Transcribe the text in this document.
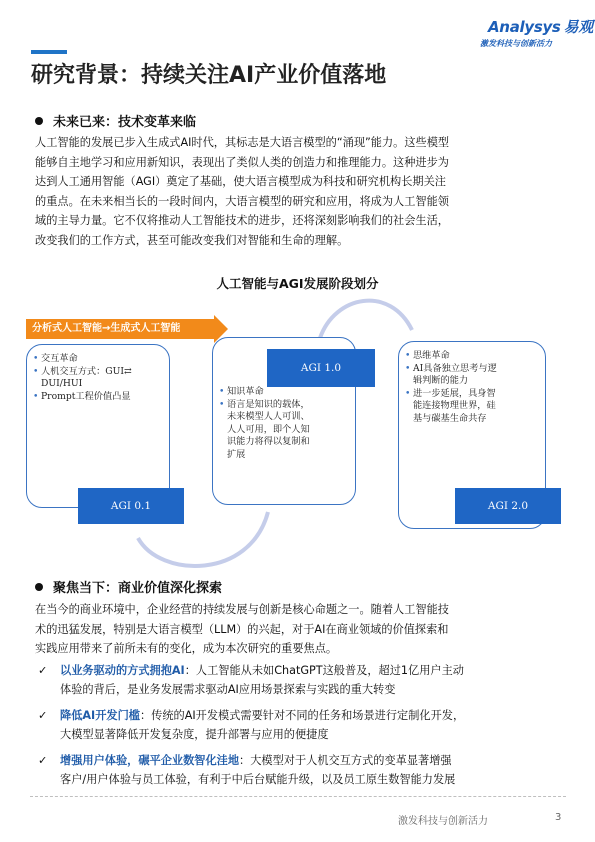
Analysys 易观
激发科技与创新活力
研究背景：持续关注AI产业价值落地
未来已来：技术变革来临
人工智能的发展已步入生成式AI时代，其标志是大语言模型的“涌现”能力。这些模型
能够自主地学习和应用新知识，表现出了类似人类的创造力和推理能力。这种进步为
达到人工通用智能（AGI）奠定了基础，使大语言模型成为科技和研究机构长期关注
的重点。在未来相当长的一段时间内，大语言模型的研究和应用，将成为人工智能领
域的主导力量。它不仅将推动人工智能技术的进步，还将深刻影响我们的社会生活，
改变我们的工作方式，甚至可能改变我们对智能和生命的理解。
人工智能与AGI发展阶段划分
分析式人工智能→生成式人工智能
• 交互革命
• 人机交互方式：GUI⇄
DUI/HUI
• Prompt工程价值凸显
AGI 0.1
• 知识革命
• 语言是知识的载体，
未来模型人人可训、
人人可用，即个人知
识能力将得以复制和
扩展
AGI 1.0
• 思维革命
• AI具备独立思考与逻
辑判断的能力
• 进一步延展，具身智
能连接物理世界，硅
基与碳基生命共存
AGI 2.0
聚焦当下：商业价值深化探索
在当今的商业环境中，企业经营的持续发展与创新是核心命题之一。随着人工智能技
术的迅猛发展，特别是大语言模型（LLM）的兴起，对于AI在商业领域的价值探索和
实践应用带来了前所未有的变化，成为本次研究的重要焦点。
✓	以业务驱动的方式拥抱AI：人工智能从未如ChatGPT这般普及，超过1亿用户主动
体验的背后，是业务发展需求驱动AI应用场景探索与实践的重大转变
✓	降低AI开发门槛：传统的AI开发模式需要针对不同的任务和场景进行定制化开发，
大模型显著降低开发复杂度，提升部署与应用的便捷度
✓	增强用户体验，碾平企业数智化洼地：大模型对于人机交互方式的变革显著增强
客户/用户体验与员工体验，有利于中后台赋能升级，以及员工原生数智能力发展
激发科技与创新活力	3
